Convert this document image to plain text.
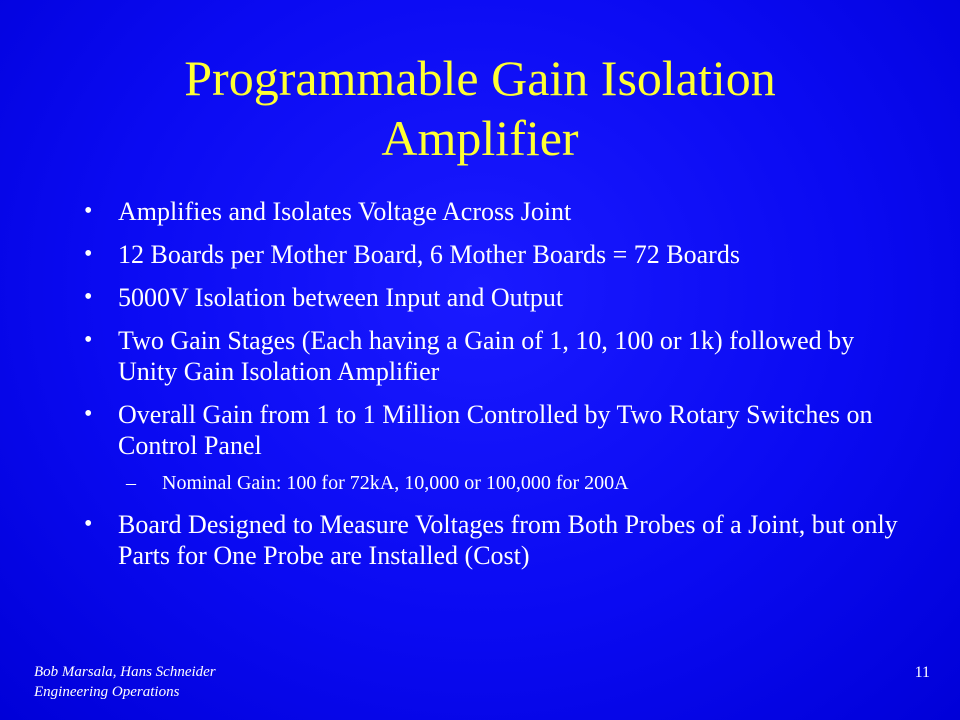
Programmable Gain Isolation
Amplifier
• Amplifies and Isolates Voltage Across Joint
• 12 Boards per Mother Board, 6 Mother Boards = 72 Boards
• 5000V Isolation between Input and Output
• Two Gain Stages (Each having a Gain of 1, 10, 100 or 1k) followed by Unity Gain Isolation Amplifier
• Overall Gain from 1 to 1 Million Controlled by Two Rotary Switches on Control Panel
– Nominal Gain: 100 for 72kA, 10,000 or 100,000 for 200A
• Board Designed to Measure Voltages from Both Probes of a Joint, but only Parts for One Probe are Installed (Cost)
Bob Marsala, Hans Schneider
Engineering Operations
11
